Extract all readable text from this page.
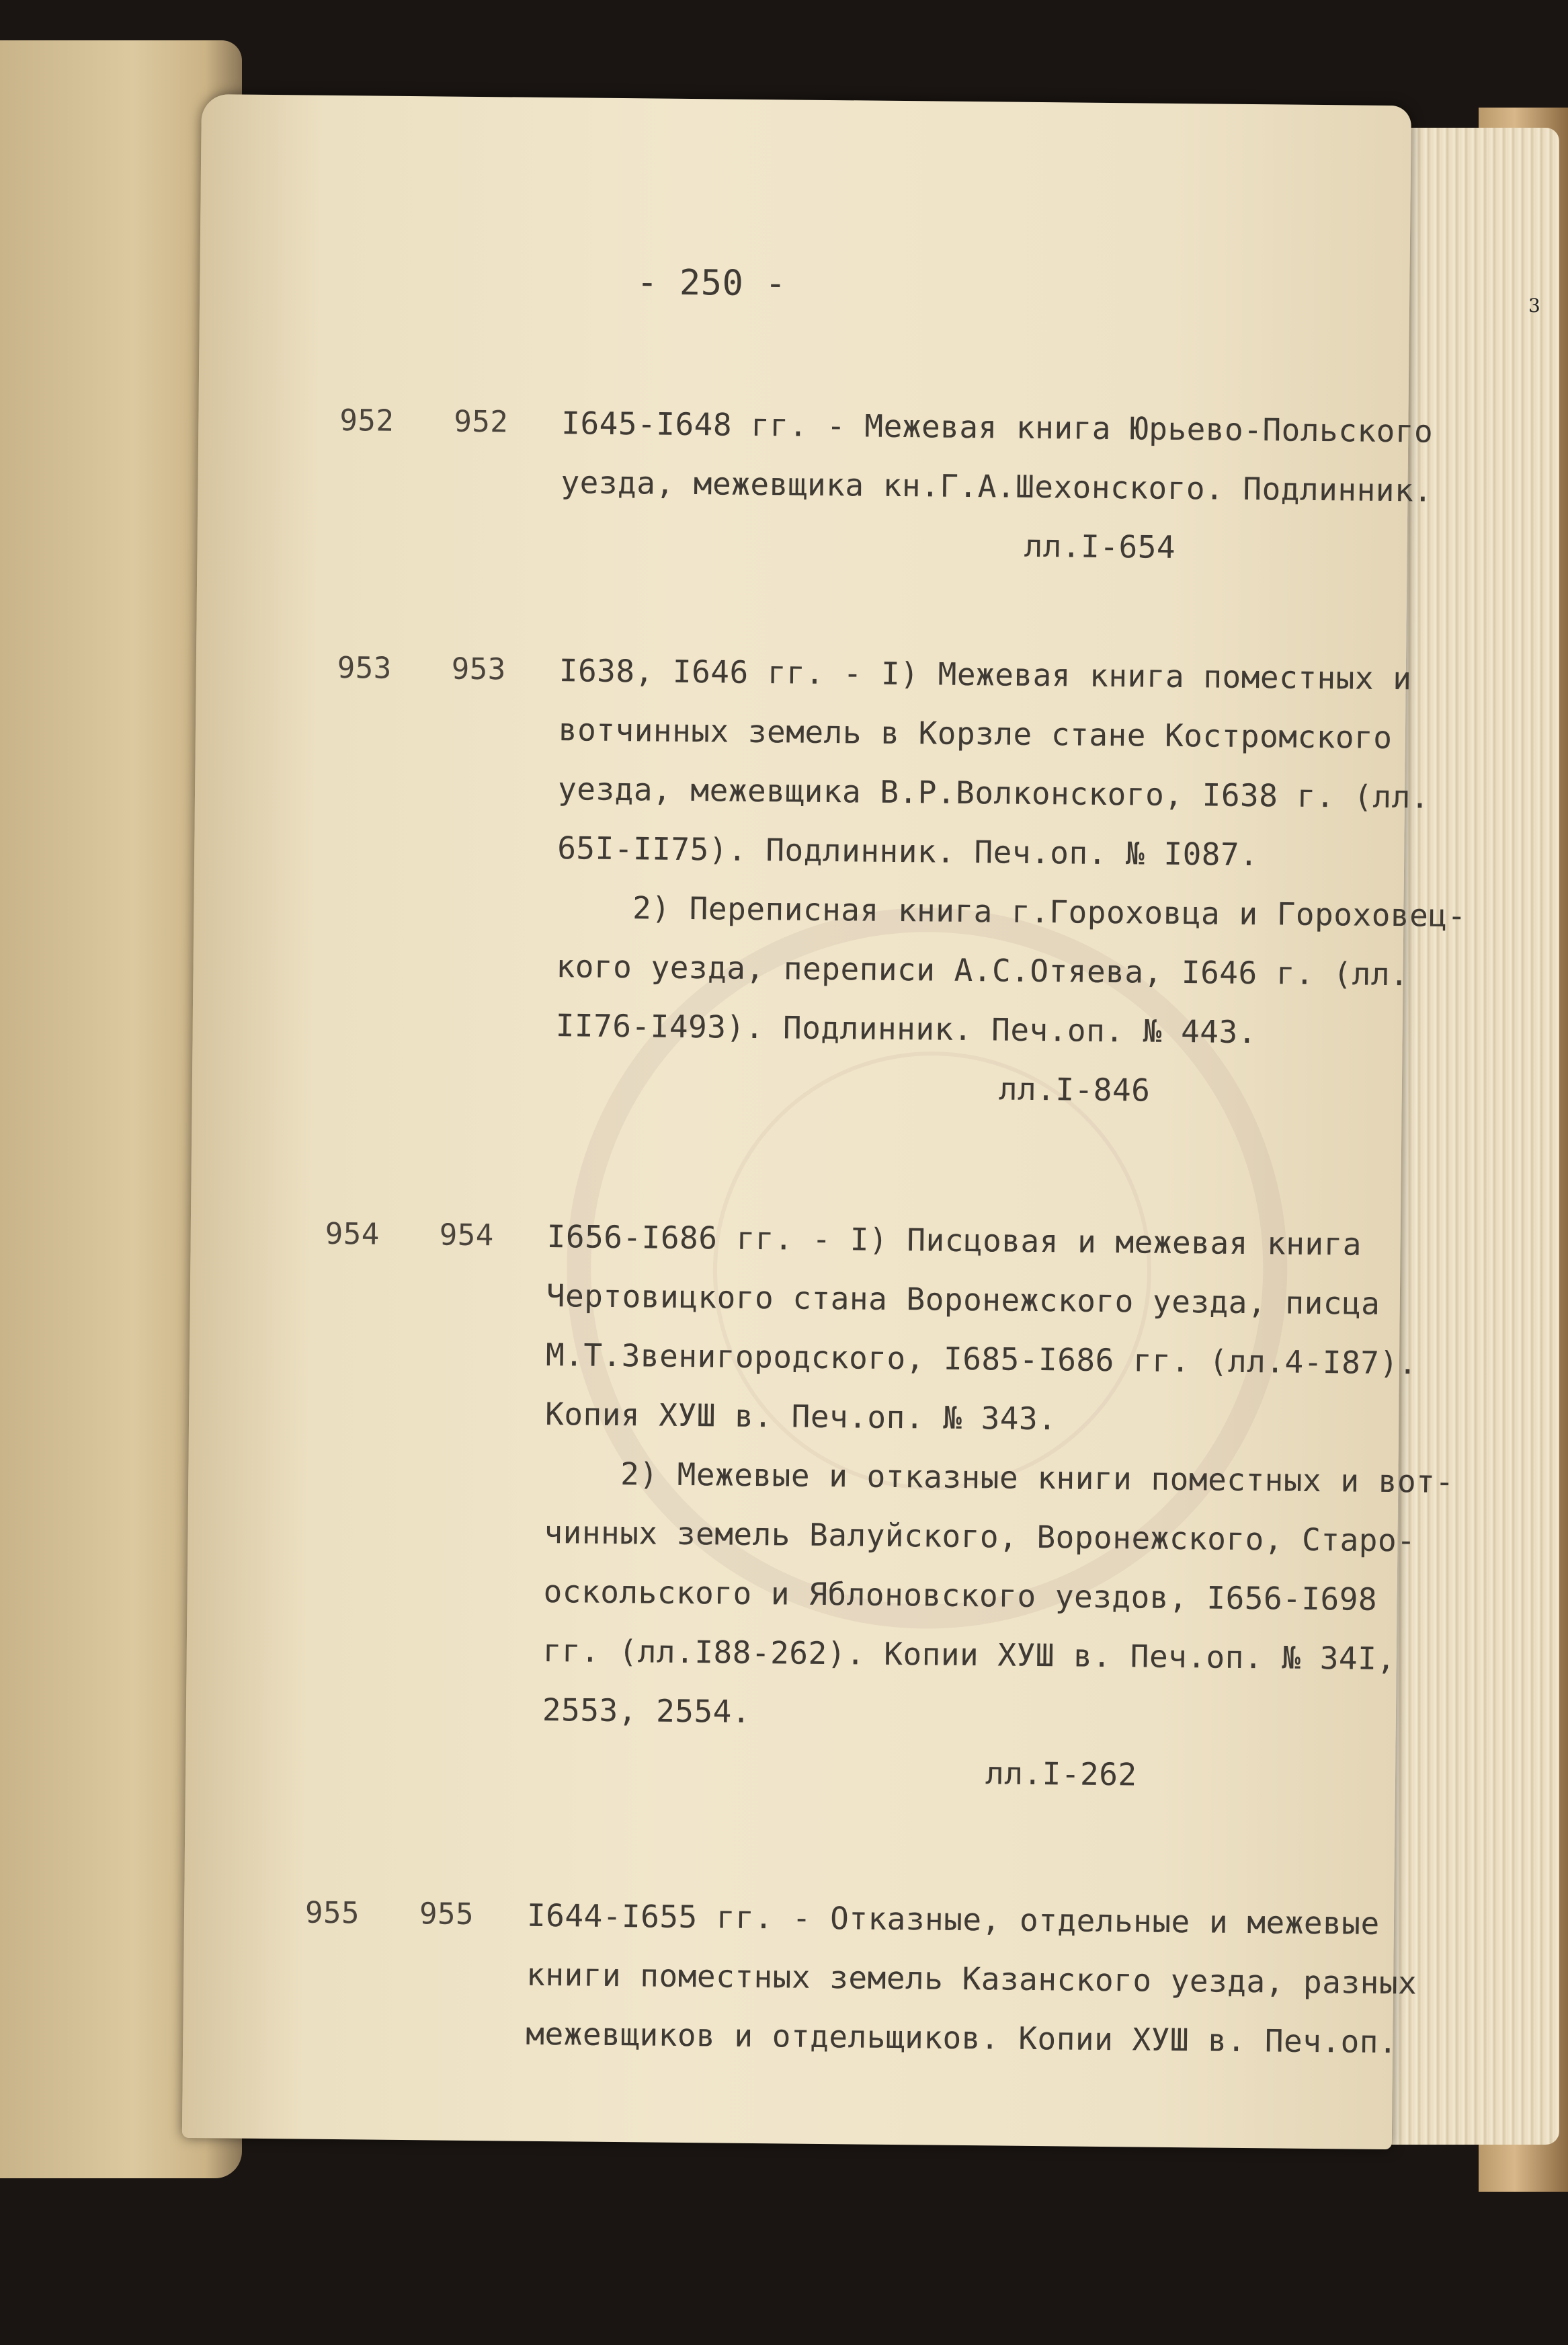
3
- 250 -
952 952 I645-I648 гг. - Межевая книга Юрьево-Польского
уезда, межевщика кн.Г.А.Шехонского. Подлинник.
лл.I-654
953 953 I638, I646 гг. - I) Межевая книга поместных и
вотчинных земель в Корзле стане Костромского
уезда, межевщика В.Р.Волконского, I638 г. (лл.
65I-II75). Подлинник. Печ.оп. № I087.
2) Переписная книга г.Гороховца и Гороховец-
кого уезда, переписи А.С.Отяева, I646 г. (лл.
II76-I493). Подлинник. Печ.оп. № 443.
лл.I-846
954 954 I656-I686 гг. - I) Писцовая и межевая книга
Чертовицкого стана Воронежского уезда, писца
М.Т.Звенигородского, I685-I686 гг. (лл.4-I87).
Копия ХУШ в. Печ.оп. № 343.
2) Межевые и отказные книги поместных и вот-
чинных земель Валуйского, Воронежского, Старо-
оскольского и Яблоновского уездов, I656-I698
гг. (лл.I88-262). Копии ХУШ в. Печ.оп. № 34I,
2553, 2554.
лл.I-262
955 955 I644-I655 гг. - Отказные, отдельные и межевые
книги поместных земель Казанского уезда, разных
межевщиков и отдельщиков. Копии ХУШ в. Печ.оп.
